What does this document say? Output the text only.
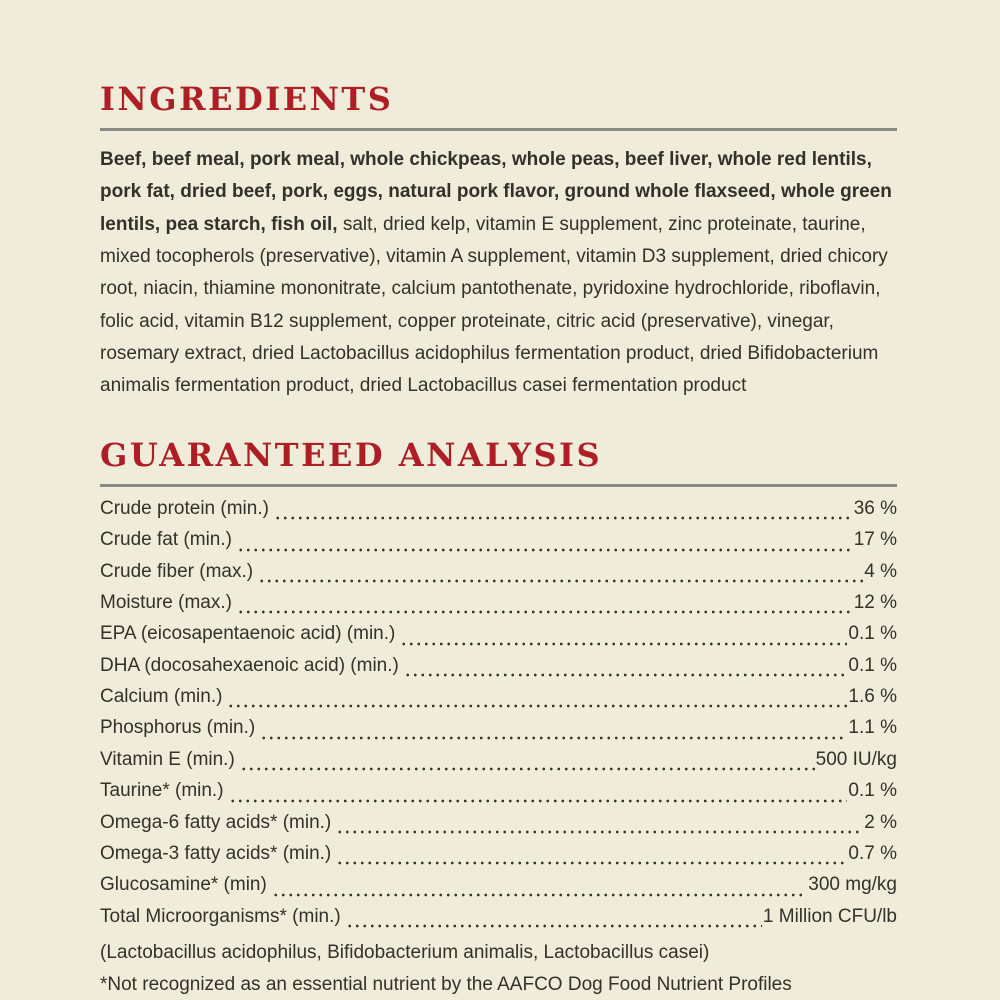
INGREDIENTS

Beef, beef meal, pork meal, whole chickpeas, whole peas, beef liver, whole red lentils, pork fat, dried beef, pork, eggs, natural pork flavor, ground whole flaxseed, whole green lentils, pea starch, fish oil, salt, dried kelp, vitamin E supplement, zinc proteinate, taurine, mixed tocopherols (preservative), vitamin A supplement, vitamin D3 supplement, dried chicory root, niacin, thiamine mononitrate, calcium pantothenate, pyridoxine hydrochloride, riboflavin, folic acid, vitamin B12 supplement, copper proteinate, citric acid (preservative), vinegar, rosemary extract, dried Lactobacillus acidophilus fermentation product, dried Bifidobacterium animalis fermentation product, dried Lactobacillus casei fermentation product

GUARANTEED ANALYSIS
Crude protein (min.)	36 %
Crude fat (min.)	17 %
Crude fiber (max.)	4 %
Moisture (max.)	12 %
EPA (eicosapentaenoic acid) (min.)	0.1 %
DHA (docosahexaenoic acid) (min.)	0.1 %
Calcium (min.)	1.6 %
Phosphorus (min.)	1.1 %
Vitamin E (min.)	500 IU/kg
Taurine* (min.)	0.1 %
Omega-6 fatty acids* (min.)	2 %
Omega-3 fatty acids* (min.)	0.7 %
Glucosamine* (min)	300 mg/kg
Total Microorganisms* (min.)	1 Million CFU/lb

(Lactobacillus acidophilus, Bifidobacterium animalis, Lactobacillus casei)

*Not recognized as an essential nutrient by the AAFCO Dog Food Nutrient Profiles
